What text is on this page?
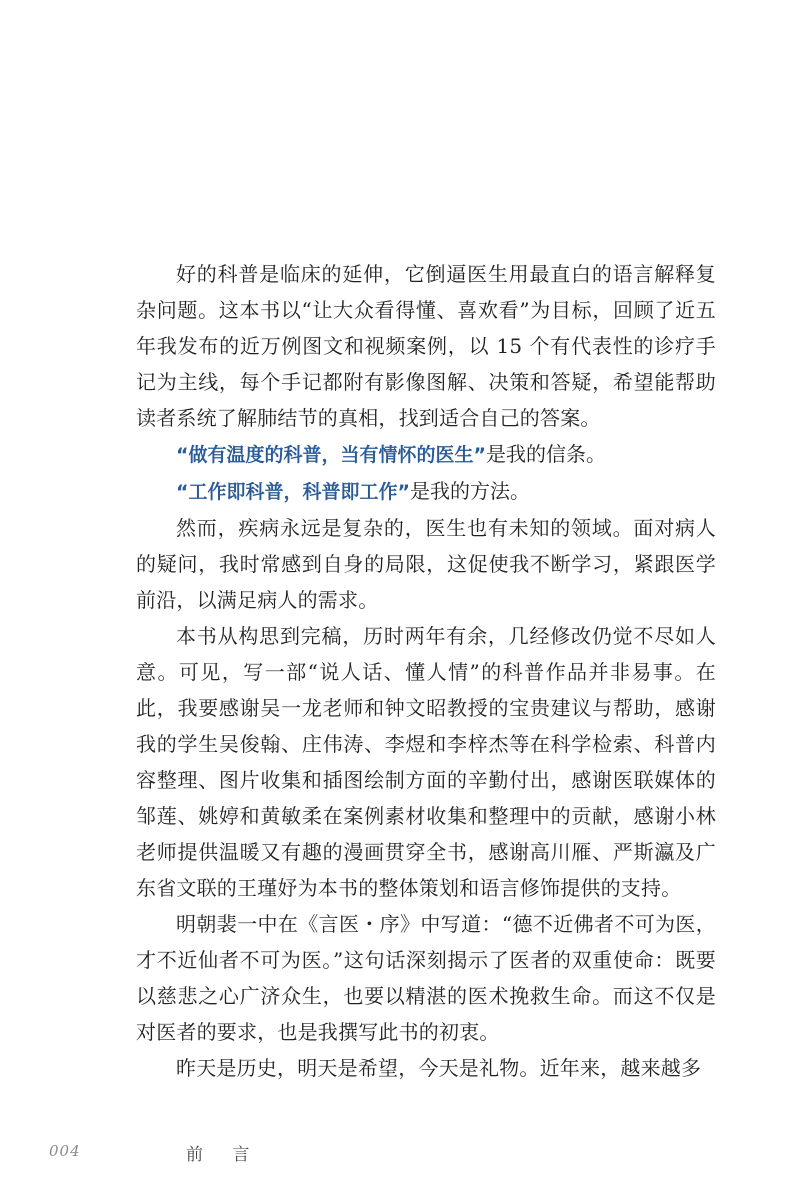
好的科普是临床的延伸，它倒逼医生用最直白的语言解释复杂问题。这本书以“让大众看得懂、喜欢看”为目标，回顾了近五年我发布的近万例图文和视频案例，以 15 个有代表性的诊疗手记为主线，每个手记都附有影像图解、决策和答疑，希望能帮助读者系统了解肺结节的真相，找到适合自己的答案。

“做有温度的科普，当有情怀的医生”是我的信条。

“工作即科普，科普即工作”是我的方法。

然而，疾病永远是复杂的，医生也有未知的领域。面对病人的疑问，我时常感到自身的局限，这促使我不断学习，紧跟医学前沿，以满足病人的需求。

本书从构思到完稿，历时两年有余，几经修改仍觉不尽如人意。可见，写一部“说人话、懂人情”的科普作品并非易事。在此，我要感谢吴一龙老师和钟文昭教授的宝贵建议与帮助，感谢我的学生吴俊翰、庄伟涛、李煜和李梓杰等在科学检索、科普内容整理、图片收集和插图绘制方面的辛勤付出，感谢医联媒体的邹莲、姚婷和黄敏柔在案例素材收集和整理中的贡献，感谢小林老师提供温暖又有趣的漫画贯穿全书，感谢高川雁、严斯瀛及广东省文联的王瑾妤为本书的整体策划和语言修饰提供的支持。

明朝裴一中在《言医・序》中写道：“德不近佛者不可为医，才不近仙者不可为医。”这句话深刻揭示了医者的双重使命：既要以慈悲之心广济众生，也要以精湛的医术挽救生命。而这不仅是对医者的要求，也是我撰写此书的初衷。

昨天是历史，明天是希望，今天是礼物。近年来，越来越多

004	前 言
